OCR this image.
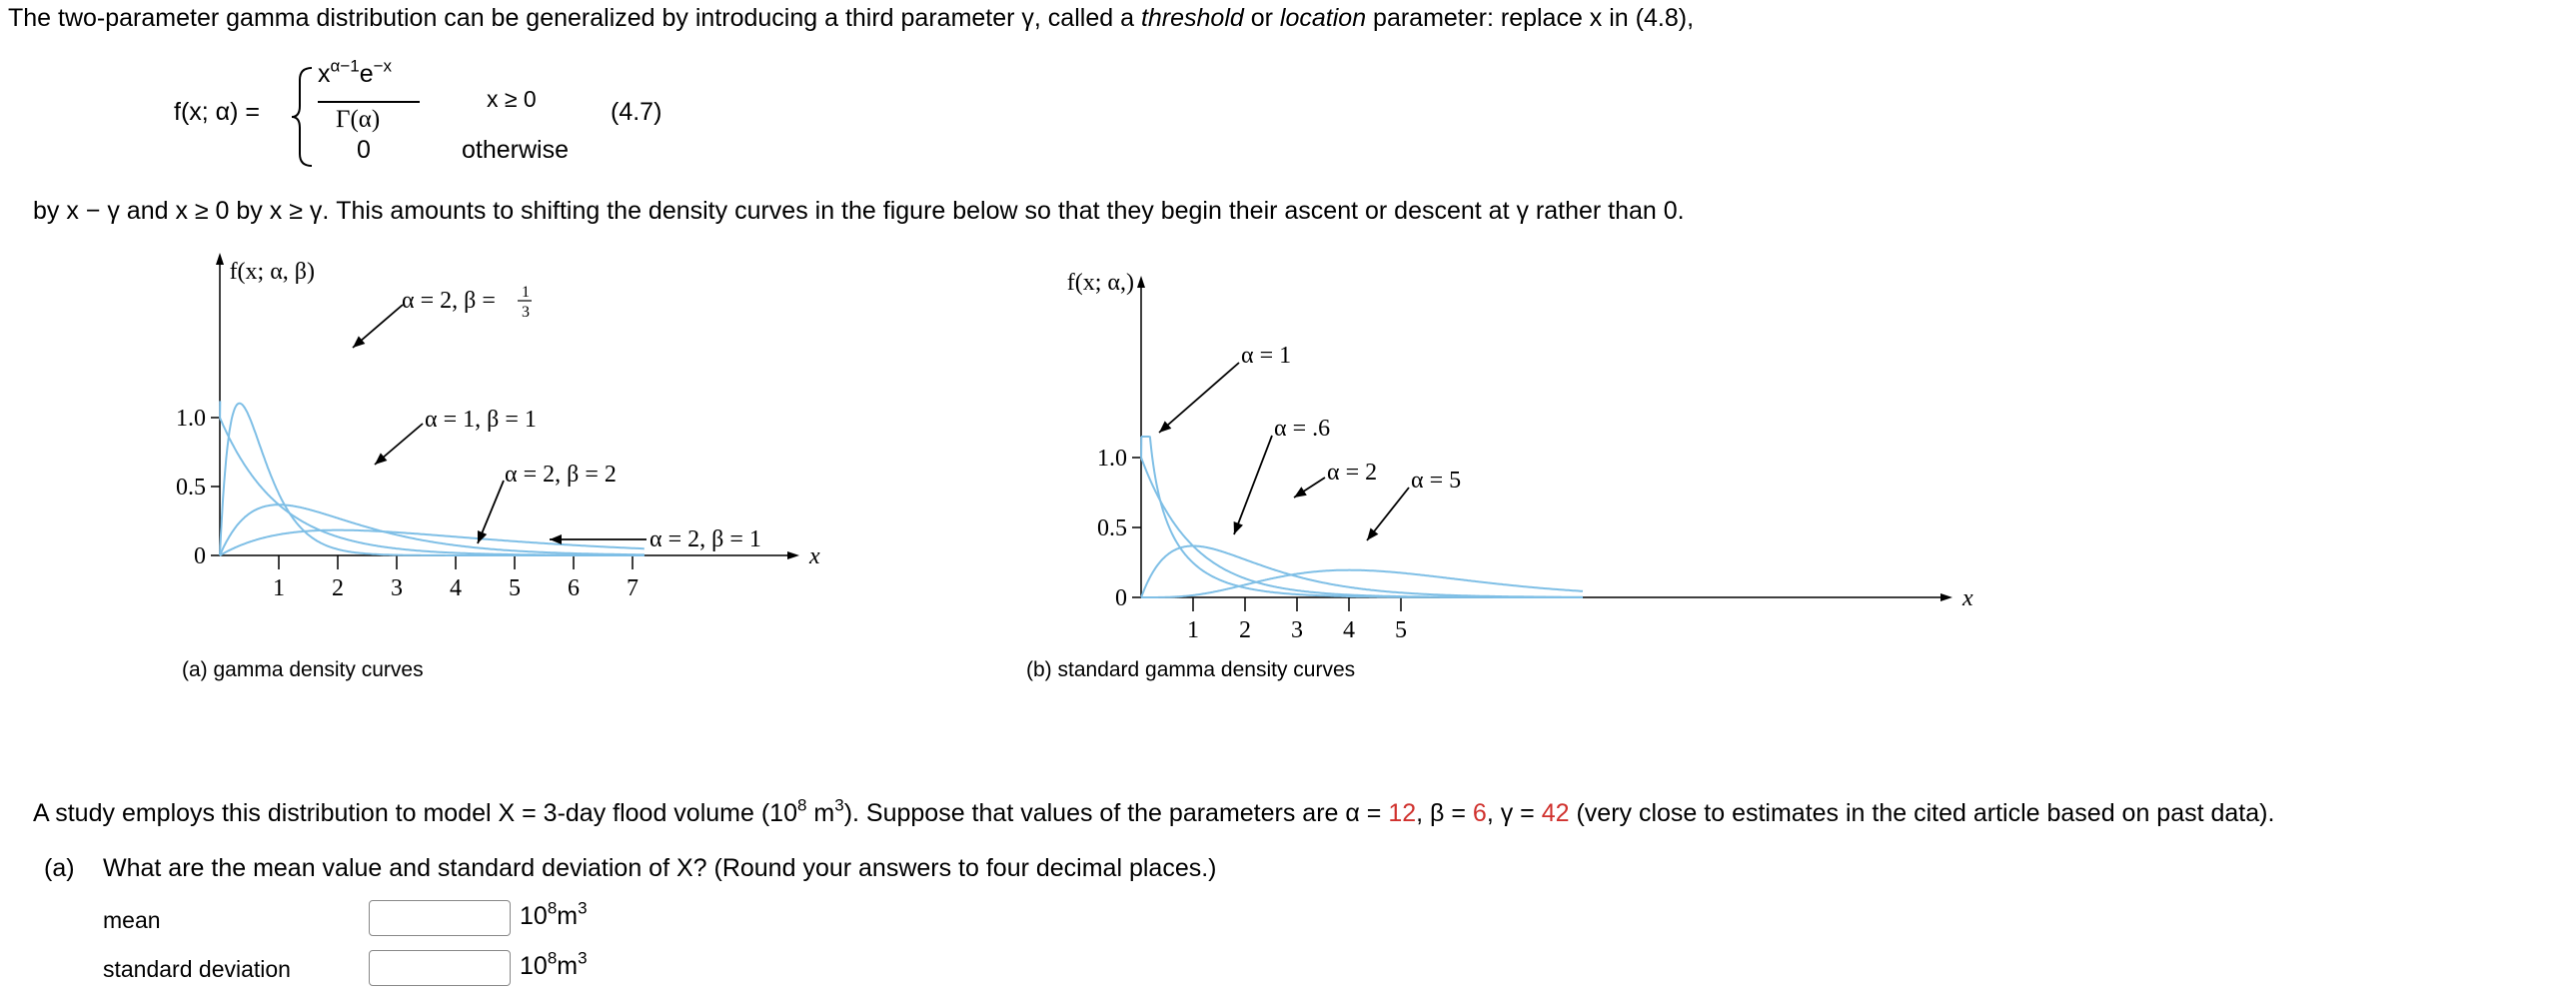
The two-parameter gamma distribution can be generalized by introducing a third parameter γ, called a threshold or location parameter: replace x in (4.8),
f(x; α) =
$x^{\alpha-1}e^{-x}$
Γ(α)
0
x ≥ 0
otherwise
(4.7)
by x − γ and x ≥ 0 by x ≥ γ. This amounts to shifting the density curves in the figure below so that they begin their ascent or descent at γ rather than 0.
x
f(x; α, β)
0
0.5
1.0
1 2 3 4 5 6 7
α = 2, β = 1
3
α = 1, β = 1
α = 2, β = 2
α = 2, β = 1
(a) gamma density curves
x
f(x; α,)
0
0.5
1.0
1 2 3 4 5
α = 1
α = .6
α = 2 α = 5
(b) standard gamma density curves
A study employs this distribution to model X = 3-day flood volume ($10^8$ $m^3$). Suppose that values of the parameters are α = 12, β = 6, γ = 42 (very close to estimates in the cited article based on past data).
(a) What are the mean value and standard deviation of X? (Round your answers to four decimal places.)
mean	$10^8m^3$
standard deviation	$10^8m^3$
